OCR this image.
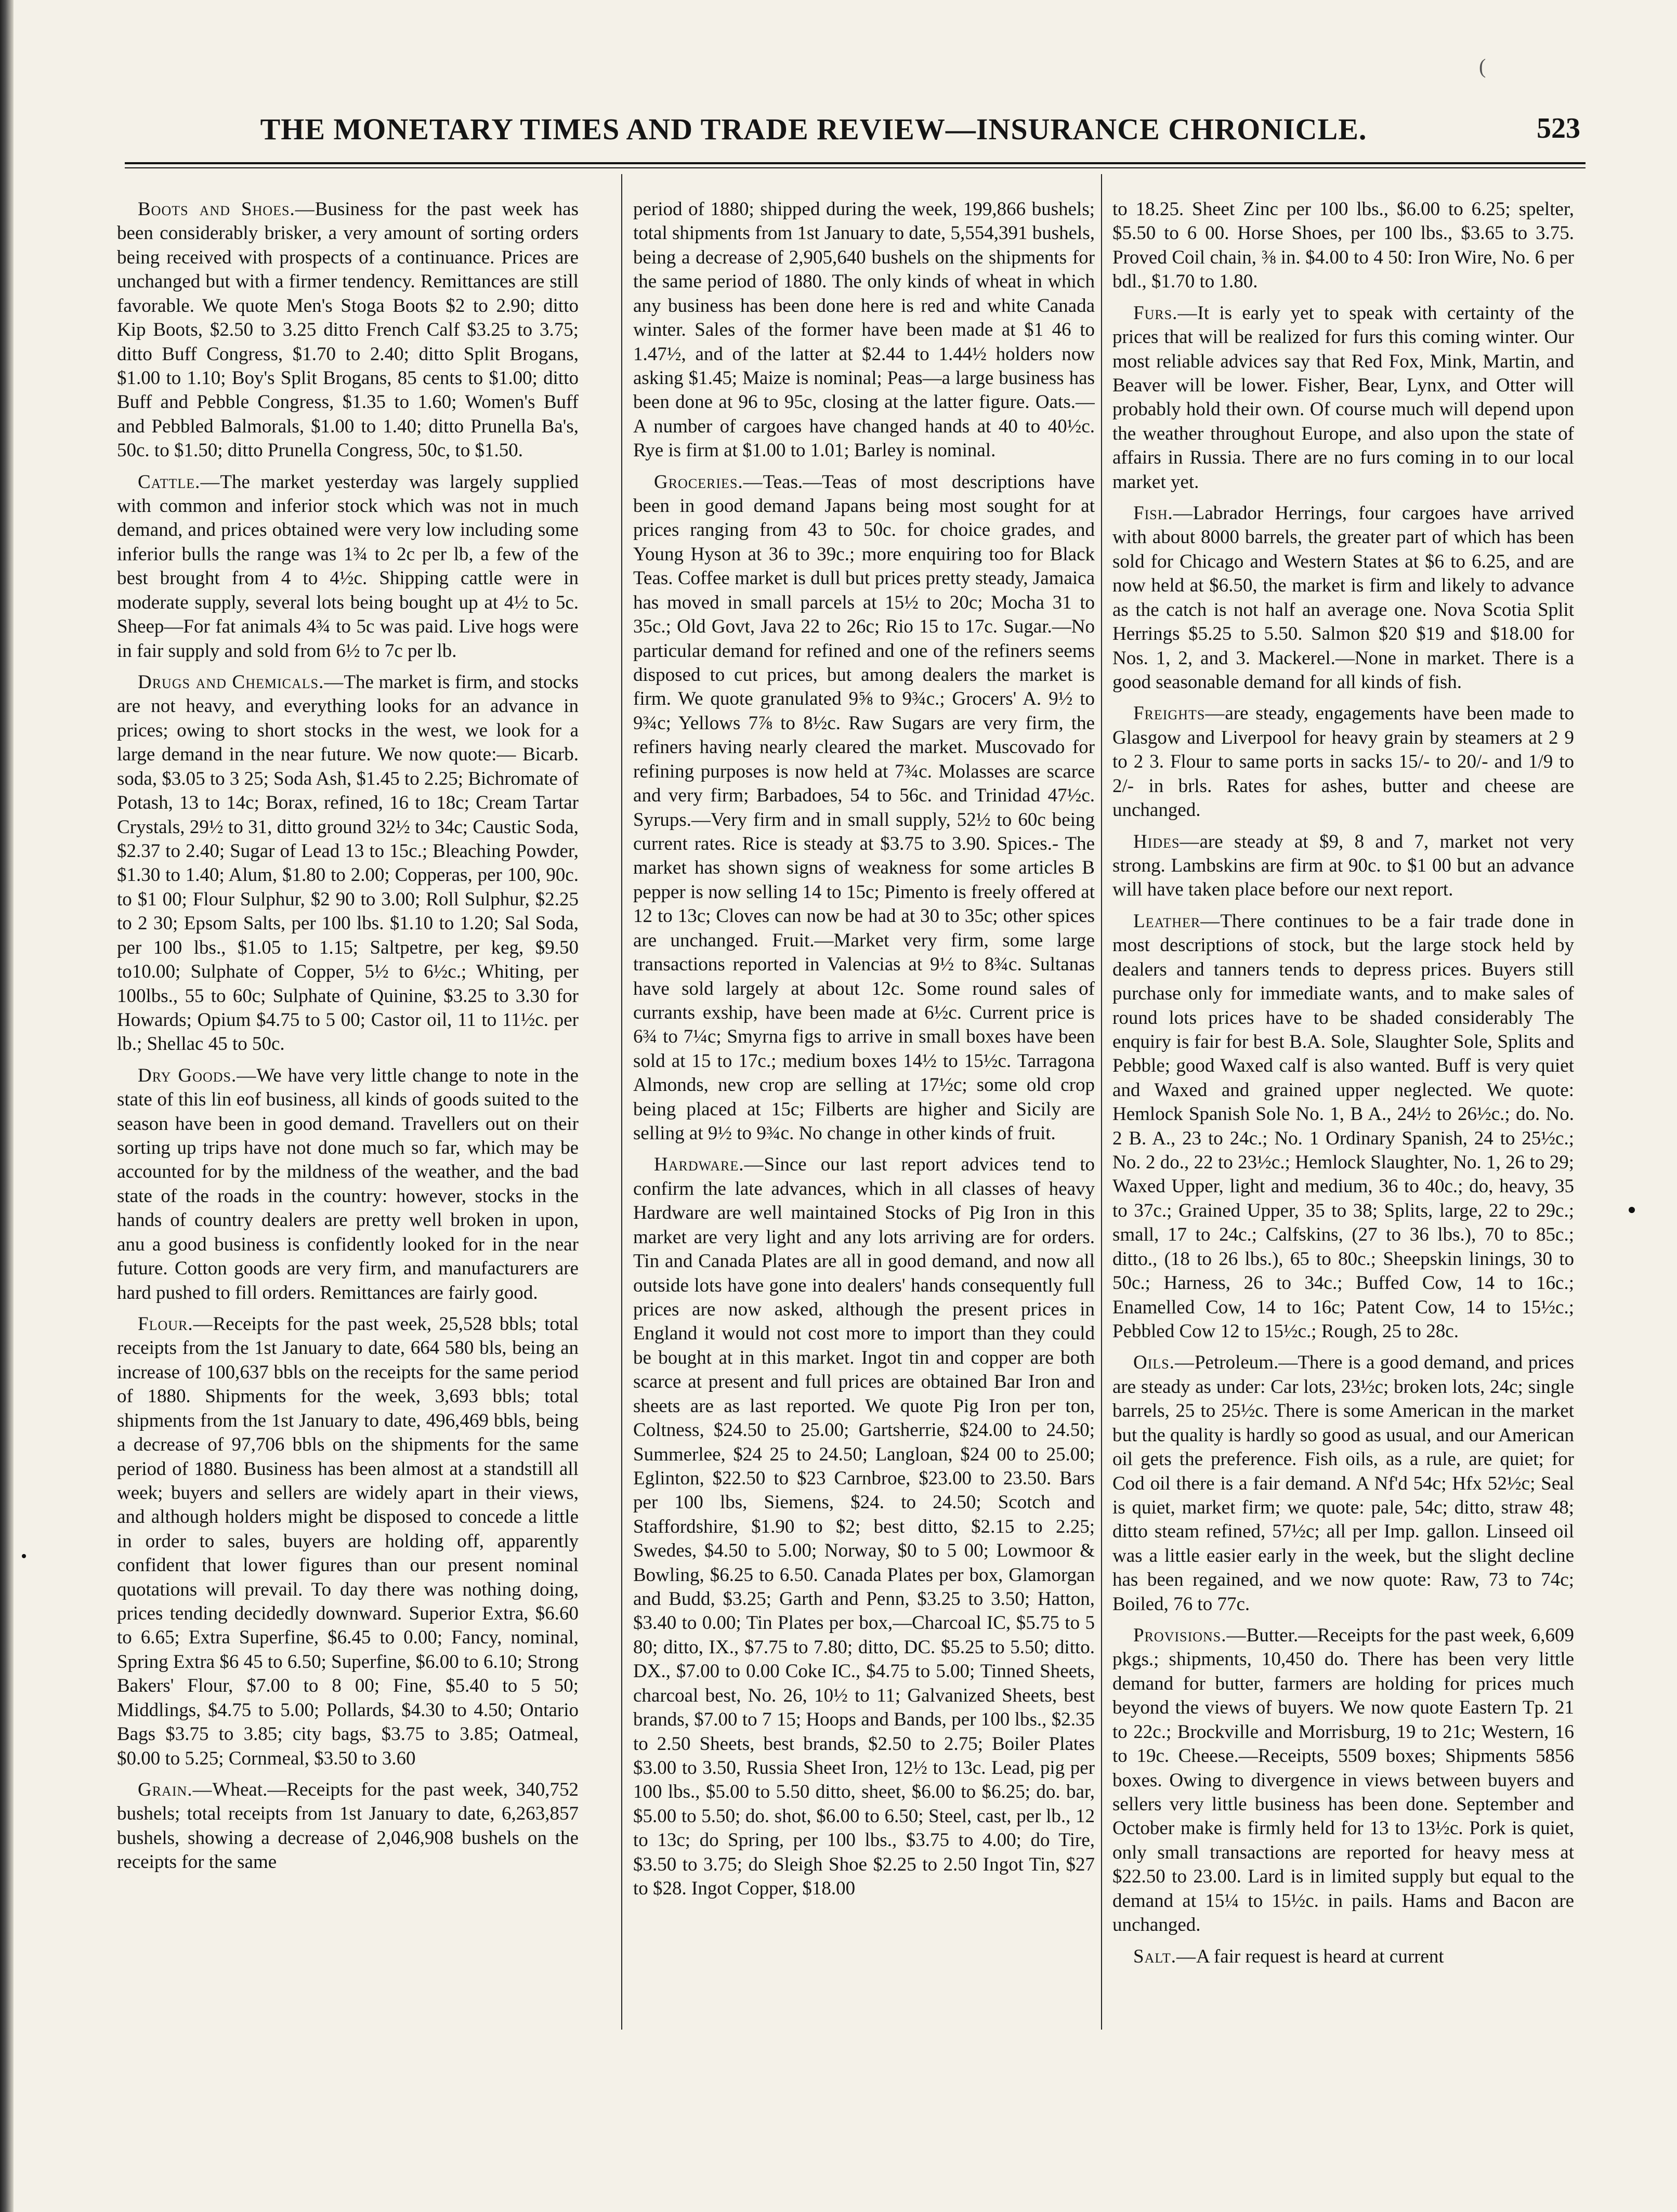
(
THE MONETARY TIMES AND TRADE REVIEW—INSURANCE CHRONICLE.	523

Boots and Shoes.—Business for the past week has been considerably brisker, a very amount of sorting orders being received with prospects of a continuance. Prices are unchanged but with a firmer tendency. Remittances are still favorable. We quote Men's Stoga Boots $2 to 2.90; ditto Kip Boots, $2.50 to 3.25 ditto French Calf $3.25 to 3.75; ditto Buff Congress, $1.70 to 2.40; ditto Split Brogans, $1.00 to 1.10; Boy's Split Brogans, 85 cents to $1.00; ditto Buff and Pebble Congress, $1.35 to 1.60; Women's Buff and Pebbled Balmorals, $1.00 to 1.40; ditto Prunella Ba's, 50c. to $1.50; ditto Prunella Congress, 50c, to $1.50.

Cattle.—The market yesterday was largely supplied with common and inferior stock which was not in much demand, and prices obtained were very low including some inferior bulls the range was 1¾ to 2c per lb, a few of the best brought from 4 to 4½c. Shipping cattle were in moderate supply, several lots being bought up at 4½ to 5c. Sheep—For fat animals 4¾ to 5c was paid. Live hogs were in fair supply and sold from 6½ to 7c per lb.

Drugs and Chemicals.—The market is firm, and stocks are not heavy, and everything looks for an advance in prices; owing to short stocks in the west, we look for a large demand in the near future. We now quote:— Bicarb. soda, $3.05 to 3 25; Soda Ash, $1.45 to 2.25; Bichromate of Potash, 13 to 14c; Borax, refined, 16 to 18c; Cream Tartar Crystals, 29½ to 31, ditto ground 32½ to 34c; Caustic Soda, $2.37 to 2.40; Sugar of Lead 13 to 15c.; Bleaching Powder, $1.30 to 1.40; Alum, $1.80 to 2.00; Copperas, per 100, 90c. to $1 00; Flour Sulphur, $2 90 to 3.00; Roll Sulphur, $2.25 to 2 30; Epsom Salts, per 100 lbs. $1.10 to 1.20; Sal Soda, per 100 lbs., $1.05 to 1.15; Saltpetre, per keg, $9.50 to10.00; Sulphate of Copper, 5½ to 6½c.; Whiting, per 100lbs., 55 to 60c; Sulphate of Quinine, $3.25 to 3.30 for Howards; Opium $4.75 to 5 00; Castor oil, 11 to 11½c. per lb.; Shellac 45 to 50c.

Dry Goods.—We have very little change to note in the state of this lin eof business, all kinds of goods suited to the season have been in good demand. Travellers out on their sorting up trips have not done much so far, which may be accounted for by the mildness of the weather, and the bad state of the roads in the country: however, stocks in the hands of country dealers are pretty well broken in upon, anu a good business is confidently looked for in the near future. Cotton goods are very firm, and manufacturers are hard pushed to fill orders. Remittances are fairly good.

Flour.—Receipts for the past week, 25,528 bbls; total receipts from the 1st January to date, 664 580 bls, being an increase of 100,637 bbls on the receipts for the same period of 1880. Shipments for the week, 3,693 bbls; total shipments from the 1st January to date, 496,469 bbls, being a decrease of 97,706 bbls on the shipments for the same period of 1880. Business has been almost at a standstill all week; buyers and sellers are widely apart in their views, and although holders might be disposed to concede a little in order to sales, buyers are holding off, apparently confident that lower figures than our present nominal quotations will prevail. To day there was nothing doing, prices tending decidedly downward. Superior Extra, $6.60 to 6.65; Extra Superfine, $6.45 to 0.00; Fancy, nominal, Spring Extra $6 45 to 6.50; Superfine, $6.00 to 6.10; Strong Bakers' Flour, $7.00 to 8 00; Fine, $5.40 to 5 50; Middlings, $4.75 to 5.00; Pollards, $4.30 to 4.50; Ontario Bags $3.75 to 3.85; city bags, $3.75 to 3.85; Oatmeal, $0.00 to 5.25; Cornmeal, $3.50 to 3.60

Grain.—Wheat.—Receipts for the past week, 340,752 bushels; total receipts from 1st January to date, 6,263,857 bushels, showing a decrease of 2,046,908 bushels on the receipts for the same

period of 1880; shipped during the week, 199,866 bushels; total shipments from 1st January to date, 5,554,391 bushels, being a decrease of 2,905,640 bushels on the shipments for the same period of 1880. The only kinds of wheat in which any business has been done here is red and white Canada winter. Sales of the former have been made at $1 46 to 1.47½, and of the latter at $2.44 to 1.44½ holders now asking $1.45; Maize is nominal; Peas—a large business has been done at 96 to 95c, closing at the latter figure. Oats.—A number of cargoes have changed hands at 40 to 40½c. Rye is firm at $1.00 to 1.01; Barley is nominal.

Groceries.—Teas.—Teas of most descriptions have been in good demand Japans being most sought for at prices ranging from 43 to 50c. for choice grades, and Young Hyson at 36 to 39c.; more enquiring too for Black Teas. Coffee market is dull but prices pretty steady, Jamaica has moved in small parcels at 15½ to 20c; Mocha 31 to 35c.; Old Govt, Java 22 to 26c; Rio 15 to 17c. Sugar.—No particular demand for refined and one of the refiners seems disposed to cut prices, but among dealers the market is firm. We quote granulated 9⅝ to 9¾c.; Grocers' A. 9½ to 9¾c; Yellows 7⅞ to 8½c. Raw Sugars are very firm, the refiners having nearly cleared the market. Muscovado for refining purposes is now held at 7¾c. Molasses are scarce and very firm; Barbadoes, 54 to 56c. and Trinidad 47½c. Syrups.—Very firm and in small supply, 52½ to 60c being current rates. Rice is steady at $3.75 to 3.90. Spices.- The market has shown signs of weakness for some articles B pepper is now selling 14 to 15c; Pimento is freely offered at 12 to 13c; Cloves can now be had at 30 to 35c; other spices are unchanged. Fruit.—Market very firm, some large transactions reported in Valencias at 9½ to 8¾c. Sultanas have sold largely at about 12c. Some round sales of currants exship, have been made at 6½c. Current price is 6¾ to 7¼c; Smyrna figs to arrive in small boxes have been sold at 15 to 17c.; medium boxes 14½ to 15½c. Tarragona Almonds, new crop are selling at 17½c; some old crop being placed at 15c; Filberts are higher and Sicily are selling at 9½ to 9¾c. No change in other kinds of fruit.

Hardware.—Since our last report advices tend to confirm the late advances, which in all classes of heavy Hardware are well maintained Stocks of Pig Iron in this market are very light and any lots arriving are for orders. Tin and Canada Plates are all in good demand, and now all outside lots have gone into dealers' hands consequently full prices are now asked, although the present prices in England it would not cost more to import than they could be bought at in this market. Ingot tin and copper are both scarce at present and full prices are obtained Bar Iron and sheets are as last reported. We quote Pig Iron per ton, Coltness, $24.50 to 25.00; Gartsherrie, $24.00 to 24.50; Summerlee, $24 25 to 24.50; Langloan, $24 00 to 25.00; Eglinton, $22.50 to $23 Carnbroe, $23.00 to 23.50. Bars per 100 lbs, Siemens, $24. to 24.50; Scotch and Staffordshire, $1.90 to $2; best ditto, $2.15 to 2.25; Swedes, $4.50 to 5.00; Norway, $0 to 5 00; Lowmoor & Bowling, $6.25 to 6.50. Canada Plates per box, Glamorgan and Budd, $3.25; Garth and Penn, $3.25 to 3.50; Hatton, $3.40 to 0.00; Tin Plates per box,—Charcoal IC, $5.75 to 5 80; ditto, IX., $7.75 to 7.80; ditto, DC. $5.25 to 5.50; ditto. DX., $7.00 to 0.00 Coke IC., $4.75 to 5.00; Tinned Sheets, charcoal best, No. 26, 10½ to 11; Galvanized Sheets, best brands, $7.00 to 7 15; Hoops and Bands, per 100 lbs., $2.35 to 2.50 Sheets, best brands, $2.50 to 2.75; Boiler Plates $3.00 to 3.50, Russia Sheet Iron, 12½ to 13c. Lead, pig per 100 lbs., $5.00 to 5.50 ditto, sheet, $6.00 to $6.25; do. bar, $5.00 to 5.50; do. shot, $6.00 to 6.50; Steel, cast, per lb., 12 to 13c; do Spring, per 100 lbs., $3.75 to 4.00; do Tire, $3.50 to 3.75; do Sleigh Shoe $2.25 to 2.50 Ingot Tin, $27 to $28. Ingot Copper, $18.00

to 18.25. Sheet Zinc per 100 lbs., $6.00 to 6.25; spelter, $5.50 to 6 00. Horse Shoes, per 100 lbs., $3.65 to 3.75. Proved Coil chain, ⅜ in. $4.00 to 4 50: Iron Wire, No. 6 per bdl., $1.70 to 1.80.

Furs.—It is early yet to speak with certainty of the prices that will be realized for furs this coming winter. Our most reliable advices say that Red Fox, Mink, Martin, and Beaver will be lower. Fisher, Bear, Lynx, and Otter will probably hold their own. Of course much will depend upon the weather throughout Europe, and also upon the state of affairs in Russia. There are no furs coming in to our local market yet.

Fish.—Labrador Herrings, four cargoes have arrived with about 8000 barrels, the greater part of which has been sold for Chicago and Western States at $6 to 6.25, and are now held at $6.50, the market is firm and likely to advance as the catch is not half an average one. Nova Scotia Split Herrings $5.25 to 5.50. Salmon $20 $19 and $18.00 for Nos. 1, 2, and 3. Mackerel.—None in market. There is a good seasonable demand for all kinds of fish.

Freights—are steady, engagements have been made to Glasgow and Liverpool for heavy grain by steamers at 2 9 to 2 3. Flour to same ports in sacks 15/- to 20/- and 1/9 to 2/- in brls. Rates for ashes, butter and cheese are unchanged.

Hides—are steady at $9, 8 and 7, market not very strong. Lambskins are firm at 90c. to $1 00 but an advance will have taken place before our next report.

Leather—There continues to be a fair trade done in most descriptions of stock, but the large stock held by dealers and tanners tends to depress prices. Buyers still purchase only for immediate wants, and to make sales of round lots prices have to be shaded considerably The enquiry is fair for best B.A. Sole, Slaughter Sole, Splits and Pebble; good Waxed calf is also wanted. Buff is very quiet and Waxed and grained upper neglected. We quote: Hemlock Spanish Sole No. 1, B A., 24½ to 26½c.; do. No. 2 B. A., 23 to 24c.; No. 1 Ordinary Spanish, 24 to 25½c.; No. 2 do., 22 to 23½c.; Hemlock Slaughter, No. 1, 26 to 29; Waxed Upper, light and medium, 36 to 40c.; do, heavy, 35 to 37c.; Grained Upper, 35 to 38; Splits, large, 22 to 29c.; small, 17 to 24c.; Calfskins, (27 to 36 lbs.), 70 to 85c.; ditto., (18 to 26 lbs.), 65 to 80c.; Sheepskin linings, 30 to 50c.; Harness, 26 to 34c.; Buffed Cow, 14 to 16c.; Enamelled Cow, 14 to 16c; Patent Cow, 14 to 15½c.; Pebbled Cow 12 to 15½c.; Rough, 25 to 28c.

Oils.—Petroleum.—There is a good demand, and prices are steady as under: Car lots, 23½c; broken lots, 24c; single barrels, 25 to 25½c. There is some American in the market but the quality is hardly so good as usual, and our American oil gets the preference. Fish oils, as a rule, are quiet; for Cod oil there is a fair demand. A Nf'd 54c; Hfx 52½c; Seal is quiet, market firm; we quote: pale, 54c; ditto, straw 48; ditto steam refined, 57½c; all per Imp. gallon. Linseed oil was a little easier early in the week, but the slight decline has been regained, and we now quote: Raw, 73 to 74c; Boiled, 76 to 77c.

Provisions.—Butter.—Receipts for the past week, 6,609 pkgs.; shipments, 10,450 do. There has been very little demand for butter, farmers are holding for prices much beyond the views of buyers. We now quote Eastern Tp. 21 to 22c.; Brockville and Morrisburg, 19 to 21c; Western, 16 to 19c. Cheese.—Receipts, 5509 boxes; Shipments 5856 boxes. Owing to divergence in views between buyers and sellers very little business has been done. September and October make is firmly held for 13 to 13½c. Pork is quiet, only small transactions are reported for heavy mess at $22.50 to 23.00. Lard is in limited supply but equal to the demand at 15¼ to 15½c. in pails. Hams and Bacon are unchanged.

Salt.—A fair request is heard at current
